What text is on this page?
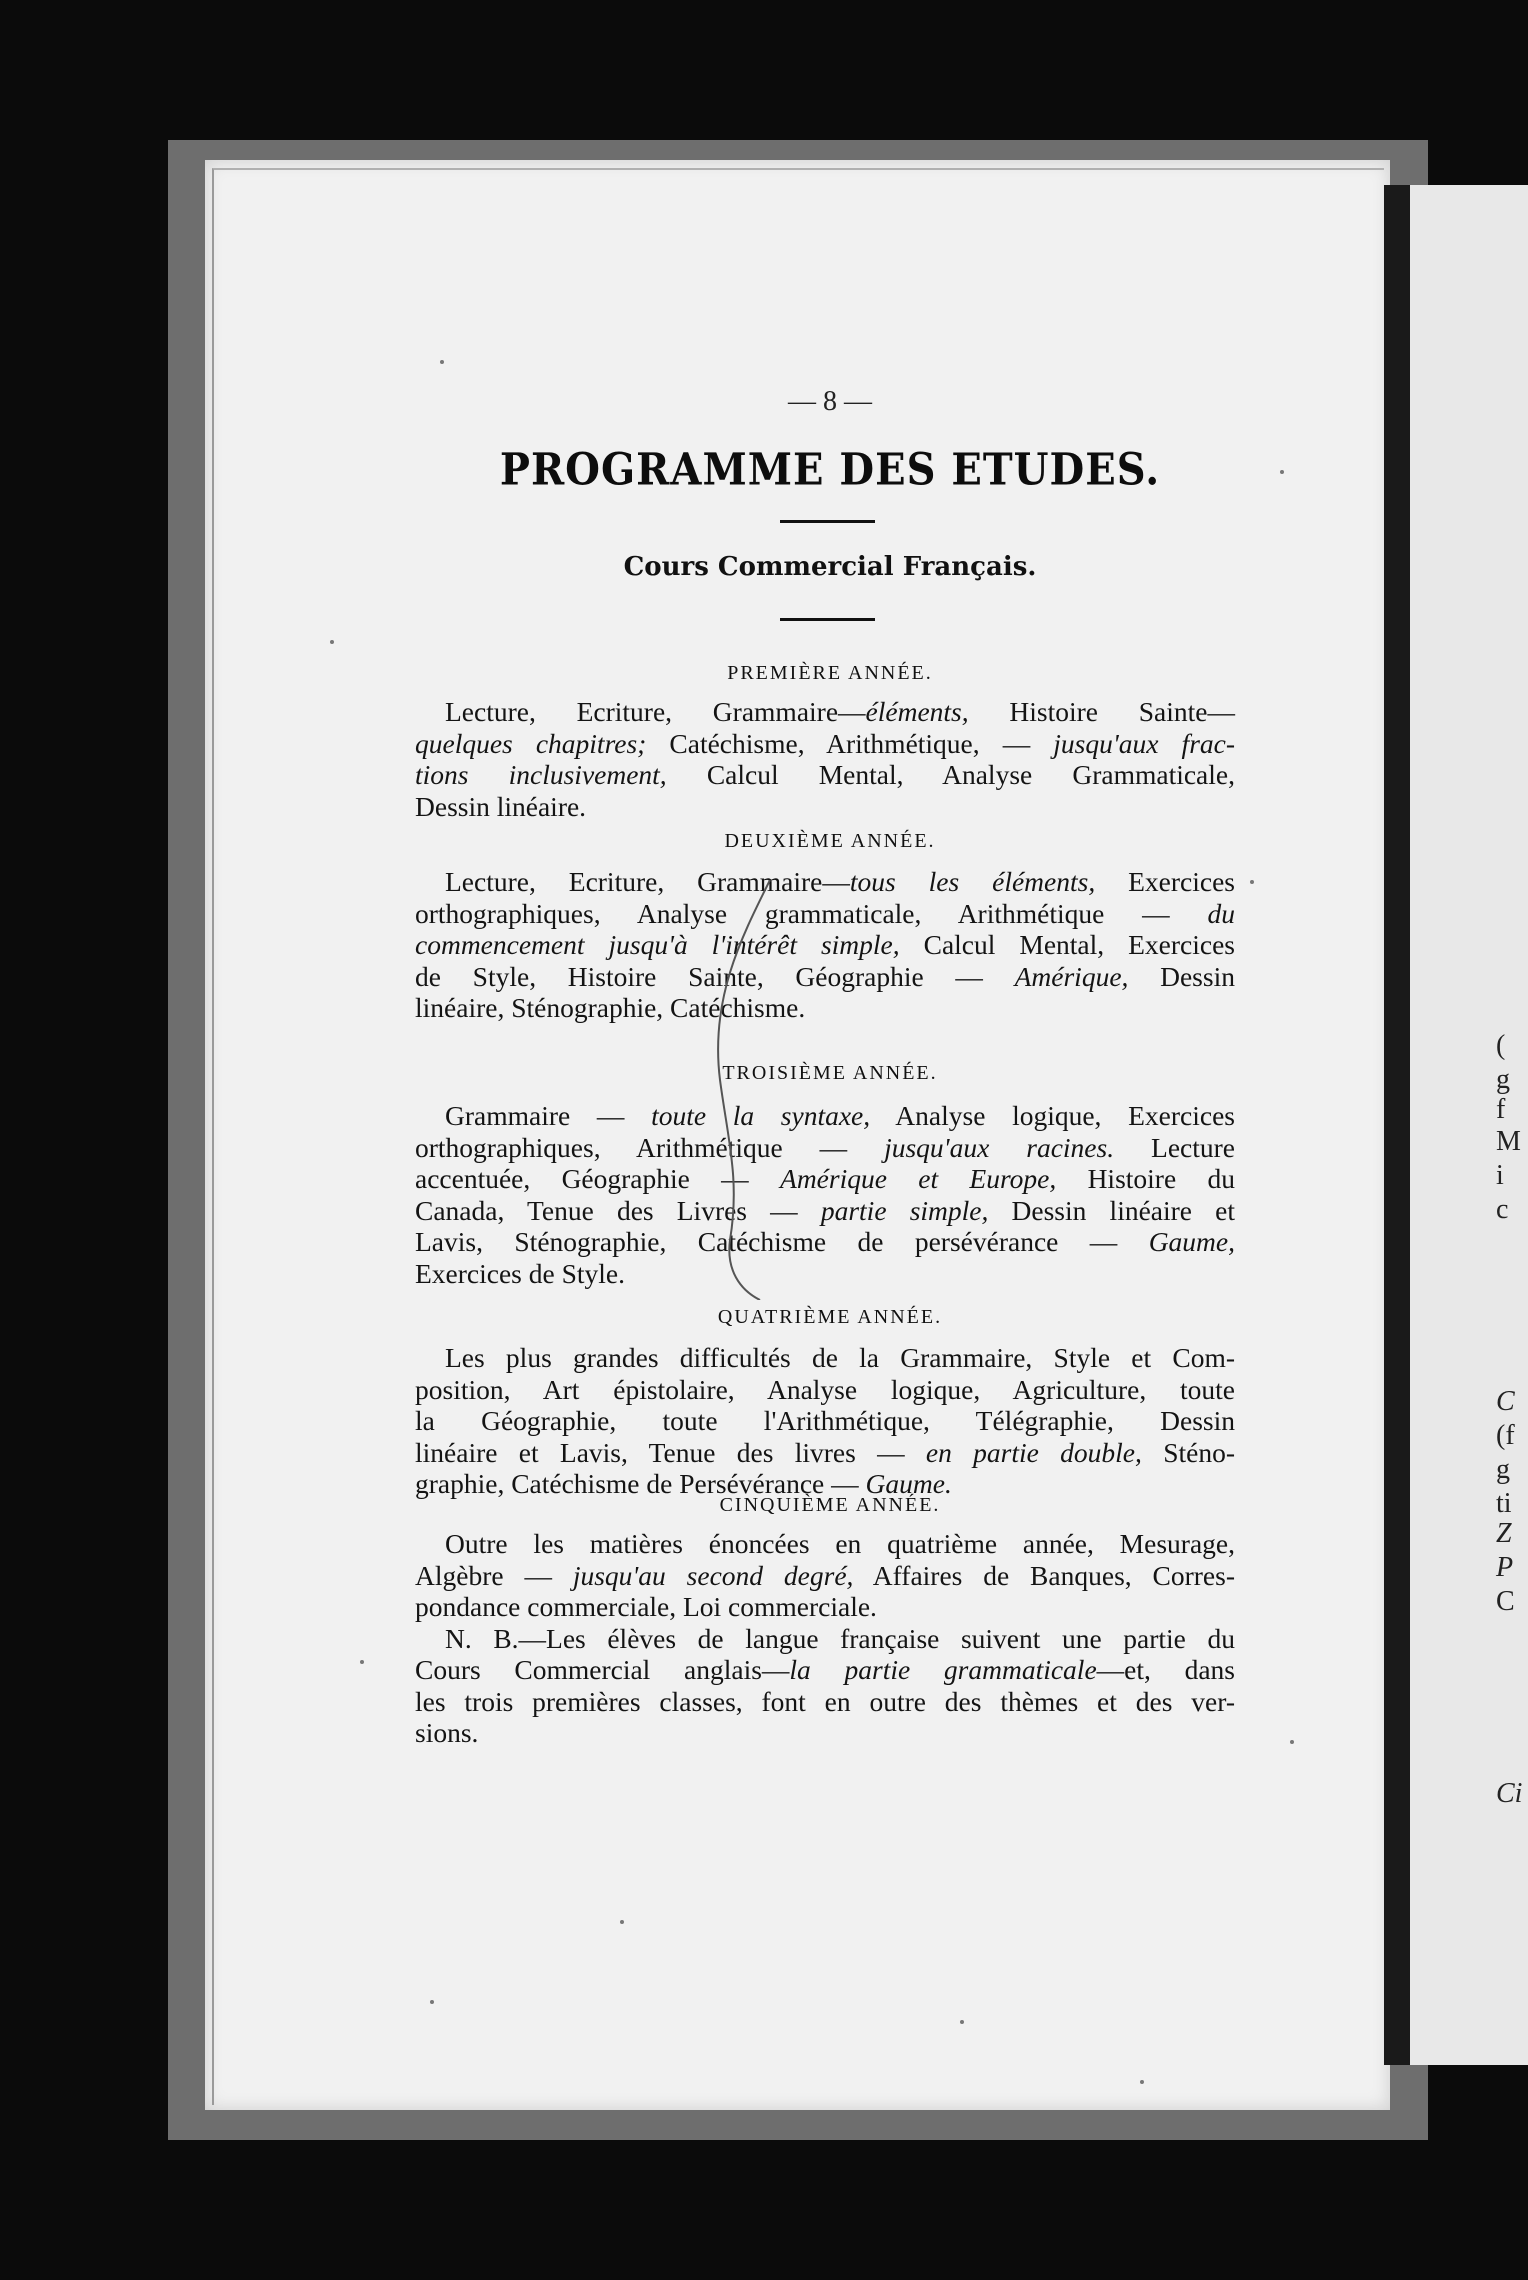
— 8 —
PROGRAMME DES ETUDES.
Cours Commercial Français.
PREMIÈRE ANNÉE.
Lecture, Ecriture, Grammaire—éléments, Histoire Sainte—
quelques chapitres; Catéchisme, Arithmétique, — jusqu'aux frac-
tions inclusivement, Calcul Mental, Analyse Grammaticale,
Dessin linéaire.
DEUXIÈME ANNÉE.
Lecture, Ecriture, Grammaire—tous les éléments, Exercices
orthographiques, Analyse grammaticale, Arithmétique — du
commencement jusqu'à l'intérêt simple, Calcul Mental, Exercices
de Style, Histoire Sainte, Géographie — Amérique, Dessin
linéaire, Sténographie, Catéchisme.
TROISIÈME ANNÉE.
Grammaire — toute la syntaxe, Analyse logique, Exercices
orthographiques, Arithmétique — jusqu'aux racines. Lecture
accentuée, Géographie — Amérique et Europe, Histoire du
Canada, Tenue des Livres — partie simple, Dessin linéaire et
Lavis, Sténographie, Catéchisme de persévérance — Gaume,
Exercices de Style.
QUATRIÈME ANNÉE.
Les plus grandes difficultés de la Grammaire, Style et Com-
position, Art épistolaire, Analyse logique, Agriculture, toute
la Géographie, toute l'Arithmétique, Télégraphie, Dessin
linéaire et Lavis, Tenue des livres — en partie double, Sténo-
graphie, Catéchisme de Persévérance — Gaume.
CINQUIÈME ANNÉE.
Outre les matières énoncées en quatrième année, Mesurage,
Algèbre — jusqu'au second degré, Affaires de Banques, Corres-
pondance commerciale, Loi commerciale.
N. B.—Les élèves de langue française suivent une partie du
Cours Commercial anglais—la partie grammaticale—et, dans
les trois premières classes, font en outre des thèmes et des ver-
sions.
(
g
f
M
i
c
C
(f
g
ti
Z
P
C
Ci
